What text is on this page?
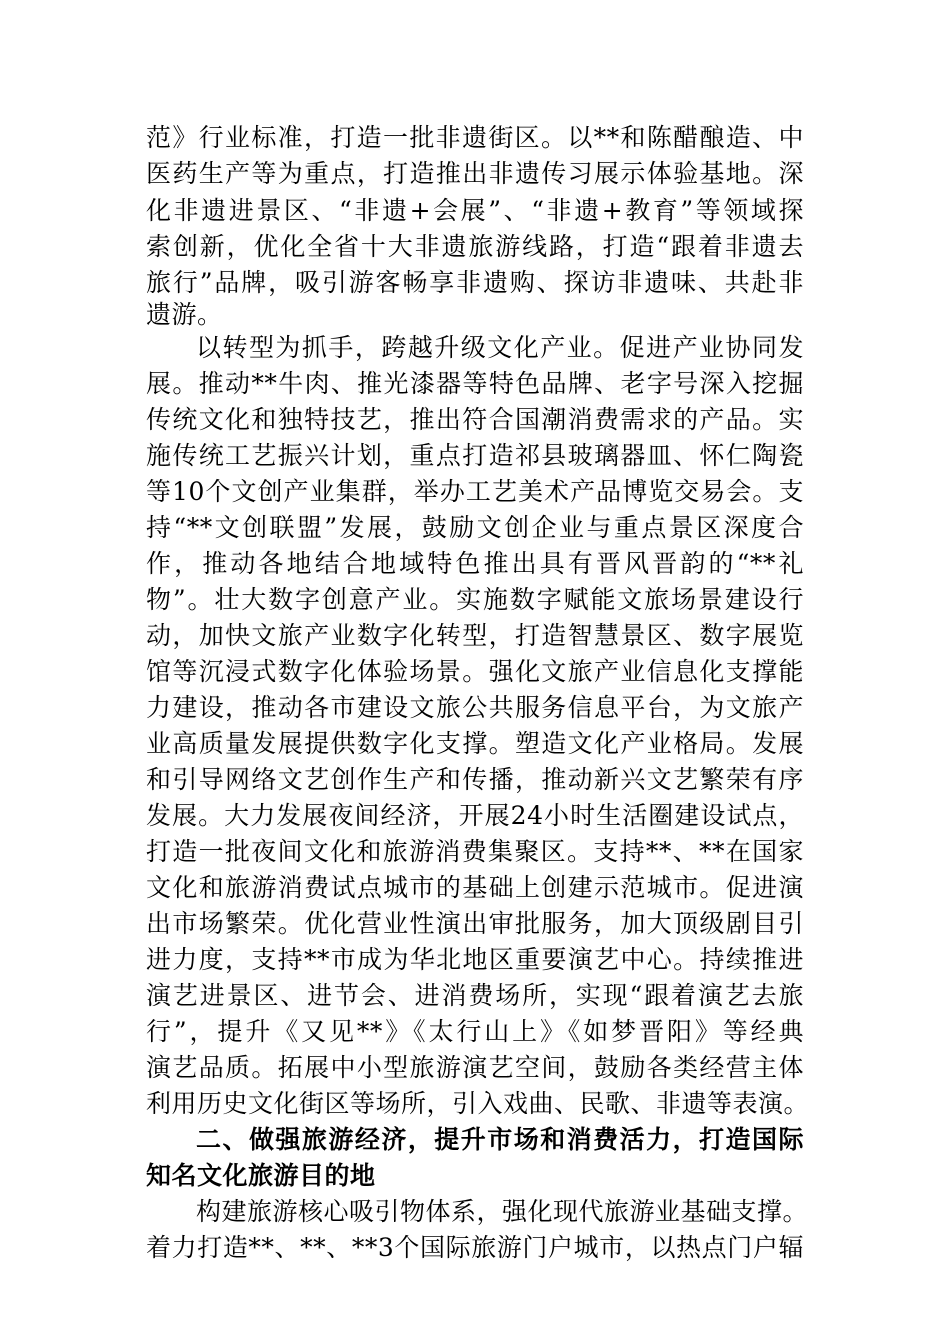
范》行业标准，打造一批非遗街区。以**和陈醋酿造、中
医药生产等为重点，打造推出非遗传习展示体验基地。深
化非遗进景区、“非遗+会展”、“非遗+教育”等领域探
索创新，优化全省十大非遗旅游线路，打造“跟着非遗去
旅行”品牌，吸引游客畅享非遗购、探访非遗味、共赴非
遗游。
以转型为抓手，跨越升级文化产业。促进产业协同发
展。推动**牛肉、推光漆器等特色品牌、老字号深入挖掘
传统文化和独特技艺，推出符合国潮消费需求的产品。实
施传统工艺振兴计划，重点打造祁县玻璃器皿、怀仁陶瓷
等10个文创产业集群，举办工艺美术产品博览交易会。支
持“**文创联盟”发展，鼓励文创企业与重点景区深度合
作，推动各地结合地域特色推出具有晋风晋韵的“**礼
物”。壮大数字创意产业。实施数字赋能文旅场景建设行
动，加快文旅产业数字化转型，打造智慧景区、数字展览
馆等沉浸式数字化体验场景。强化文旅产业信息化支撑能
力建设，推动各市建设文旅公共服务信息平台，为文旅产
业高质量发展提供数字化支撑。塑造文化产业格局。发展
和引导网络文艺创作生产和传播，推动新兴文艺繁荣有序
发展。大力发展夜间经济，开展24小时生活圈建设试点，
打造一批夜间文化和旅游消费集聚区。支持**、**在国家
文化和旅游消费试点城市的基础上创建示范城市。促进演
出市场繁荣。优化营业性演出审批服务，加大顶级剧目引
进力度，支持**市成为华北地区重要演艺中心。持续推进
演艺进景区、进节会、进消费场所，实现“跟着演艺去旅
行”，提升《又见**》《太行山上》《如梦晋阳》等经典
演艺品质。拓展中小型旅游演艺空间，鼓励各类经营主体
利用历史文化街区等场所，引入戏曲、民歌、非遗等表演。
二、做强旅游经济，提升市场和消费活力，打造国际
知名文化旅游目的地
构建旅游核心吸引物体系，强化现代旅游业基础支撑。
着力打造**、**、**3个国际旅游门户城市，以热点门户辐
